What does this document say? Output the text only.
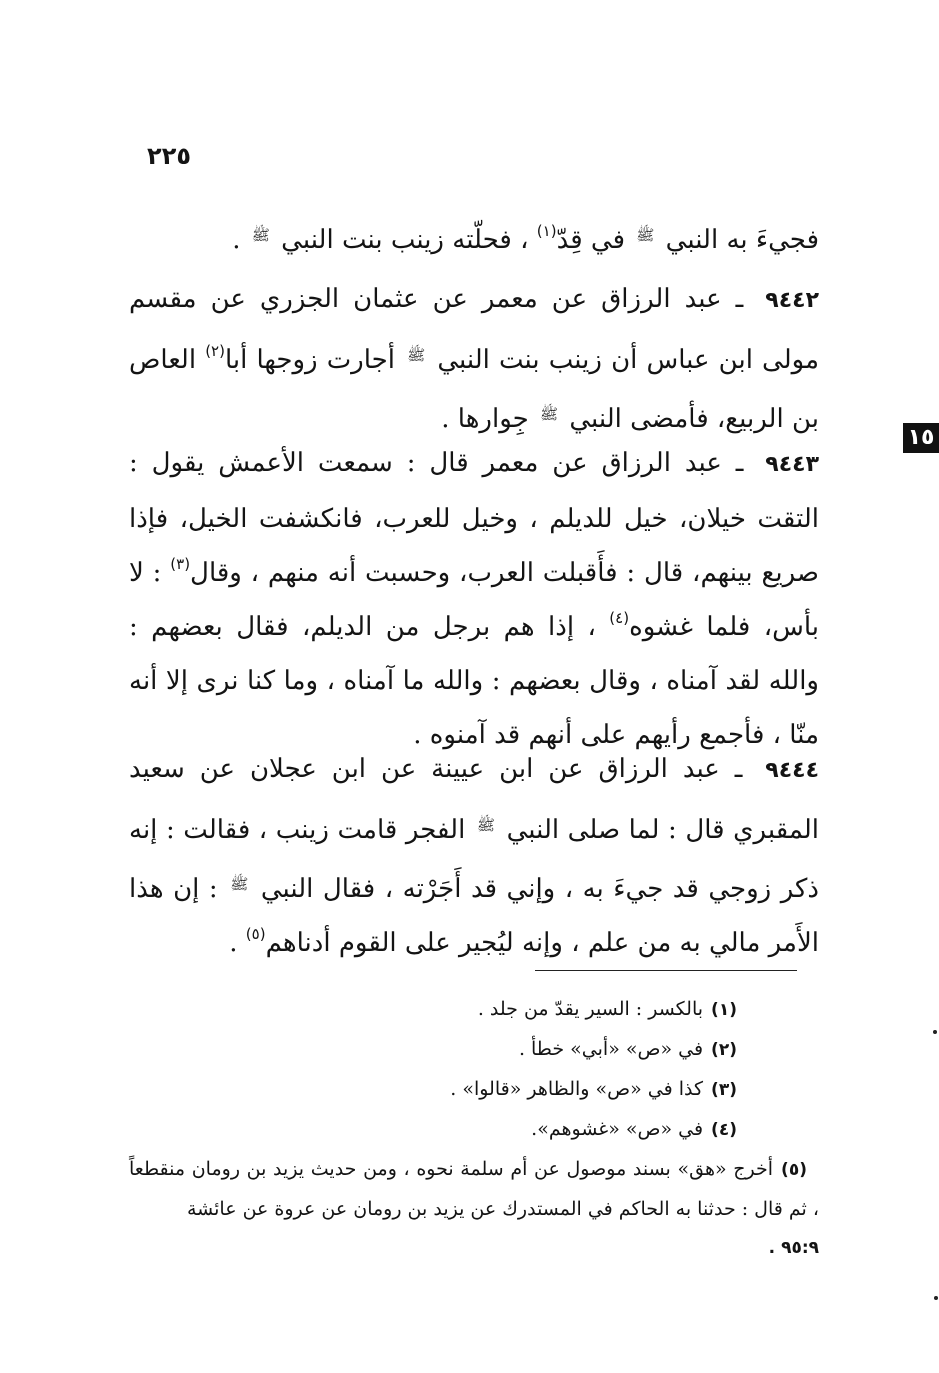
٢٢٥
١٥

فجيءَ به النبي $^ﷺ$ في قِدّ$^{(١)}$ ، فحلّته زينب بنت النبي $^ﷺ$ .

٩٤٤٢ ـ عبد الرزاق عن معمر عن عثمان الجزري عن مقسم مولى ابن عباس أن زينب بنت النبي $^ﷺ$ أجارت زوجها أبا$^{(٢)}$ العاص بن الربيع، فأمضى النبي $^ﷺ$ جِوارها .

٩٤٤٣ ـ عبد الرزاق عن معمر قال : سمعت الأعمش يقول : التقت خيلان، خيل للديلم ، وخيل للعرب، فانكشفت الخيل، فإذا صريع بينهم، قال : فأَقبلت العرب، وحسبت أنه منهم ، وقال$^{(٣)}$ : لا بأس، فلما غشوه$^{(٤)}$ ، إذا هم برجل من الديلم، فقال بعضهم : والله لقد آمناه ، وقال بعضهم : والله ما آمناه ، وما كنا نرى إلا أنه منّا ، فأجمع رأيهم على أنهم قد آمنوه .

٩٤٤٤ ـ عبد الرزاق عن ابن عيينة عن ابن عجلان عن سعيد المقبري قال : لما صلى النبي $^ﷺ$ الفجر قامت زينب ، فقالت : إنه ذكر زوجي قد جيءَ به ، وإني قد أَجَرْته ، فقال النبي $^ﷺ$ : إن هذا الأَمر مالي به من علم ، وإنه ليُجير على القوم أدناهم$^{(٥)}$ .

(١)بالكسر : السير يقدّ من جلد .
(٢)في «ص» «أبي» خطأ .
(٣)كذا في «ص» والظاهر «قالوا» .
(٤)في «ص» «غشوهم».
(٥)أخرج «هق» بسند موصول عن أم سلمة نحوه ، ومن حديث يزيد بن رومان منقطعاً ، ثم قال : حدثنا به الحاكم في المستدرك عن يزيد بن رومان عن عروة عن عائشة
٩٥:٩ .
